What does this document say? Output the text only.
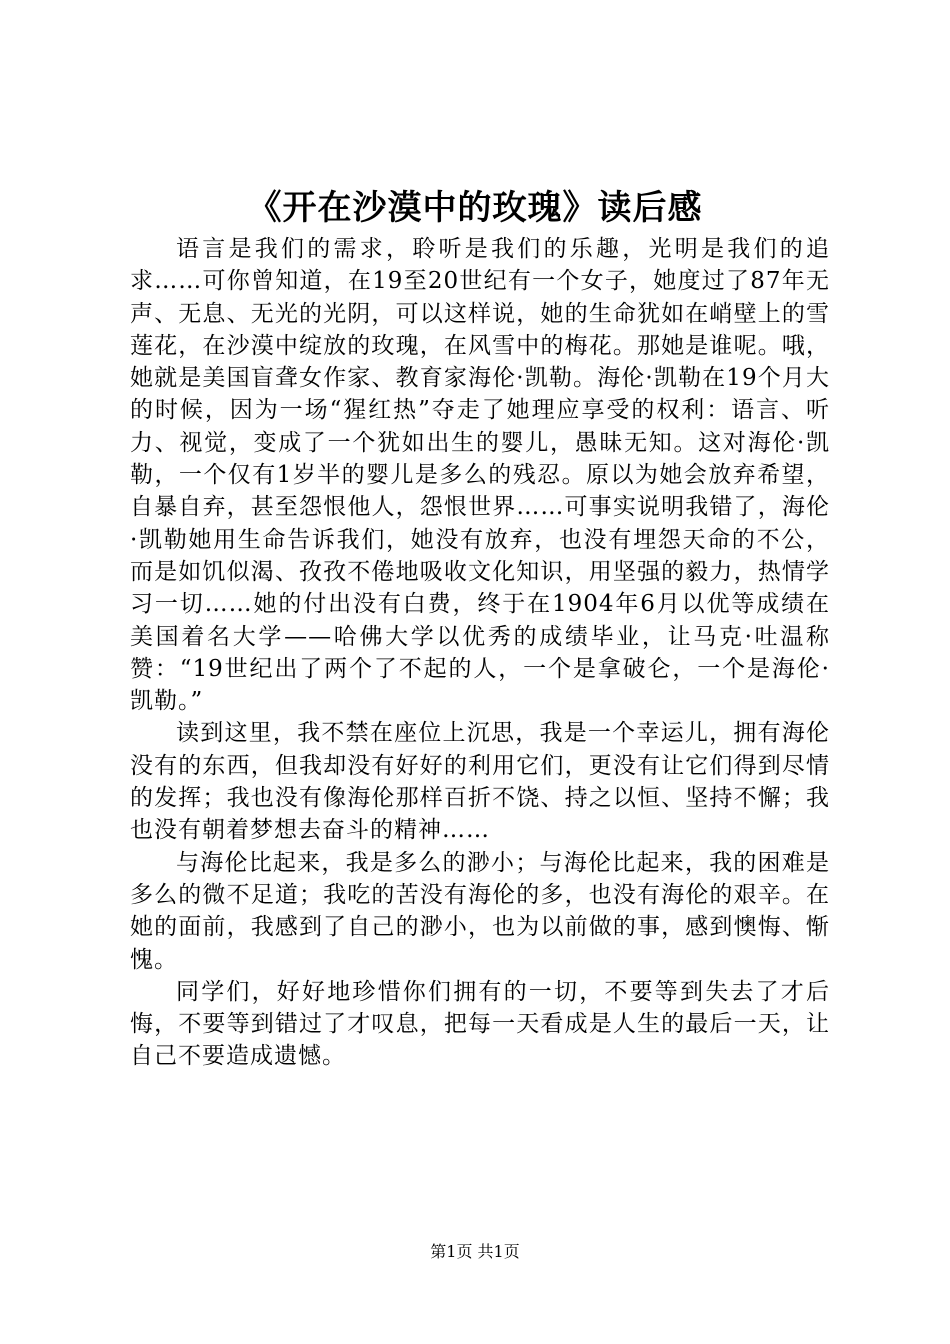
《开在沙漠中的玫瑰》读后感

语言是我们的需求，聆听是我们的乐趣，光明是我们的追求……可你曾知道，在19至20世纪有一个女子，她度过了87年无声、无息、无光的光阴，可以这样说，她的生命犹如在峭壁上的雪莲花，在沙漠中绽放的玫瑰，在风雪中的梅花。那她是谁呢。哦，她就是美国盲聋女作家、教育家海伦·凯勒。海伦·凯勒在19个月大的时候，因为一场“猩红热”夺走了她理应享受的权利：语言、听力、视觉，变成了一个犹如出生的婴儿，愚昧无知。这对海伦·凯勒，一个仅有1岁半的婴儿是多么的残忍。原以为她会放弃希望，自暴自弃，甚至怨恨他人，怨恨世界……可事实说明我错了，海伦·凯勒她用生命告诉我们，她没有放弃，也没有埋怨天命的不公，而是如饥似渴、孜孜不倦地吸收文化知识，用坚强的毅力，热情学习一切……她的付出没有白费，终于在1904年6月以优等成绩在美国着名大学——哈佛大学以优秀的成绩毕业，让马克·吐温称赞：“19世纪出了两个了不起的人，一个是拿破仑，一个是海伦·凯勒。”

读到这里，我不禁在座位上沉思，我是一个幸运儿，拥有海伦没有的东西，但我却没有好好的利用它们，更没有让它们得到尽情的发挥；我也没有像海伦那样百折不饶、持之以恒、坚持不懈；我也没有朝着梦想去奋斗的精神……

与海伦比起来，我是多么的渺小；与海伦比起来，我的困难是多么的微不足道；我吃的苦没有海伦的多，也没有海伦的艰辛。在她的面前，我感到了自己的渺小，也为以前做的事，感到懊悔、惭愧。

同学们，好好地珍惜你们拥有的一切，不要等到失去了才后悔，不要等到错过了才叹息，把每一天看成是人生的最后一天，让自己不要造成遗憾。

第1页 共1页
